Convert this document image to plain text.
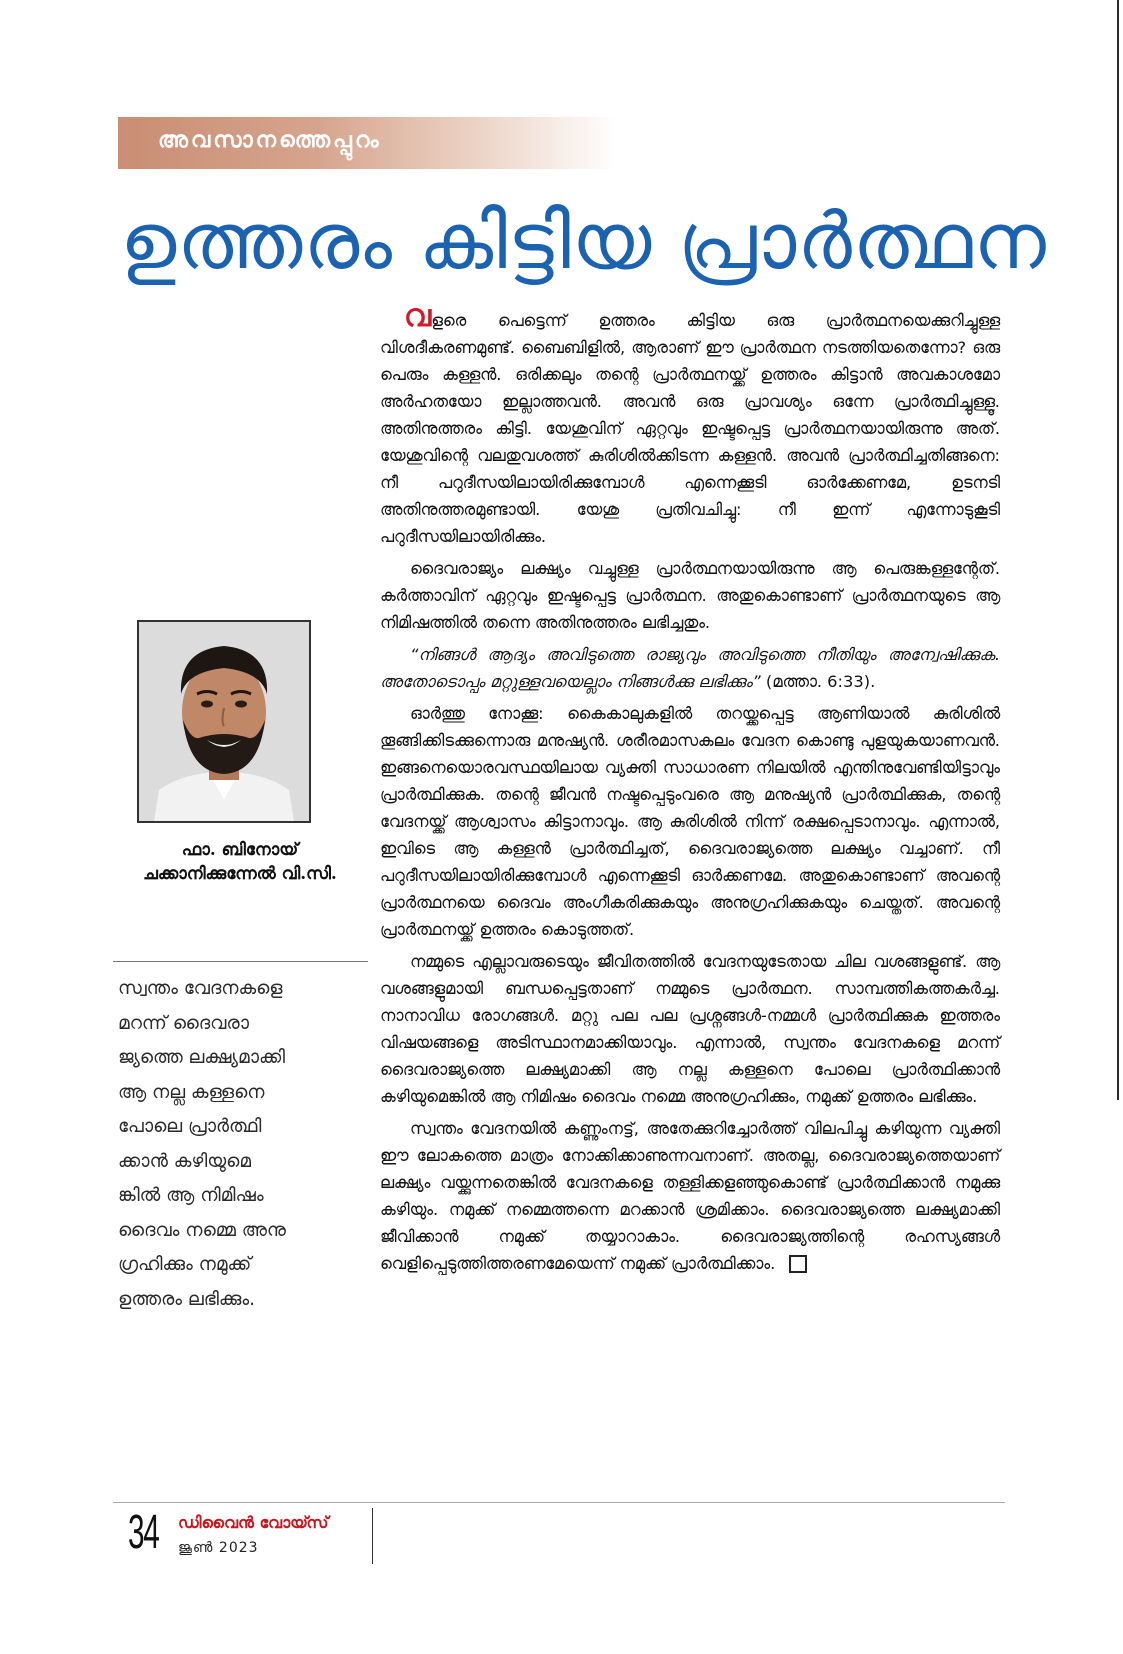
അവസാനത്തെപ്പുറം
ഉത്തരം കിട്ടിയ പ്രാർത്ഥന

ഫാ. ബിനോയ്
ചക്കാനിക്കുന്നേൽ വി.സി.

സ്വന്തം വേദനകളെ
മറന്ന് ദൈവരാ
ജ്യത്തെ ലക്ഷ്യമാക്കി
ആ നല്ല കള്ളനെ
പോലെ പ്രാർത്ഥി
ക്കാൻ കഴിയുമെ
ങ്കിൽ ആ നിമിഷം
ദൈവം നമ്മെ അനു
ഗ്രഹിക്കും നമുക്ക്
ഉത്തരം ലഭിക്കും.

വളരെ പെട്ടെന്ന് ഉത്തരം കിട്ടിയ ഒരു പ്രാർത്ഥനയെക്കുറിച്ചുള്ള വിശദീകരണമുണ്ട്. ബൈബിളിൽ, ആരാണ് ഈ പ്രാർത്ഥന നടത്തിയതെന്നോ? ഒരു പെരും കള്ളൻ. ഒരിക്കലും തന്റെ പ്രാർത്ഥനയ്ക്ക് ഉത്തരം കിട്ടാൻ അവകാശമോ അർഹതയോ ഇല്ലാത്തവൻ. അവൻ ഒരു പ്രാവശ്യം ഒന്നേ പ്രാർത്ഥിച്ചുള്ളൂ. അതിനുത്തരം കിട്ടി. യേശുവിന് ഏറ്റവും ഇഷ്ടപ്പെട്ട പ്രാർത്ഥനയായിരുന്നു അത്. യേശുവിന്റെ വലതുവശത്ത് കുരിശിൽക്കിടന്ന കള്ളൻ. അവൻ പ്രാർത്ഥിച്ചതിങ്ങനെ: നീ പറുദീസയിലായിരിക്കുമ്പോൾ എന്നെക്കൂടി ഓർക്കേണമേ, ഉടനടി അതിനുത്തരമുണ്ടായി. യേശു പ്രതിവചിച്ചു: നീ ഇന്ന് എന്നോടുകൂടി പറുദീസയിലായിരിക്കും.

ദൈവരാജ്യം ലക്ഷ്യം വച്ചുള്ള പ്രാർത്ഥനയായിരുന്നു ആ പെരുങ്കള്ളന്റേത്. കർത്താവിന് ഏറ്റവും ഇഷ്ടപ്പെട്ട പ്രാർത്ഥന. അതുകൊണ്ടാണ് പ്രാർത്ഥനയുടെ ആ നിമിഷത്തിൽ തന്നെ അതിനുത്തരം ലഭിച്ചതും.

“നിങ്ങൾ ആദ്യം അവിടുത്തെ രാജ്യവും അവിടുത്തെ നീതിയും അന്വേഷിക്കുക. അതോടൊപ്പം മറ്റുള്ളവയെല്ലാം നിങ്ങൾക്കു ലഭിക്കും” (മത്താ. 6:33).

ഓർത്തു നോക്കൂ: കൈകാലുകളിൽ തറയ്ക്കപ്പെട്ട ആണിയാൽ കുരിശിൽ തൂങ്ങിക്കിടക്കുന്നൊരു മനുഷ്യൻ. ശരീരമാസകലം വേദന കൊണ്ടു പുളയുകയാണവൻ. ഇങ്ങനെയൊരവസ്ഥയിലായ വ്യക്തി സാധാരണ നിലയിൽ എന്തിനുവേണ്ടിയിട്ടാവും പ്രാർത്ഥിക്കുക. തന്റെ ജീവൻ നഷ്ടപ്പെടുംവരെ ആ മനുഷ്യൻ പ്രാർത്ഥിക്കുക, തന്റെ വേദനയ്ക്ക് ആശ്വാസം കിട്ടാനാവും. ആ കുരിശിൽ നിന്ന് രക്ഷപ്പെടാനാവും. എന്നാൽ, ഇവിടെ ആ കള്ളൻ പ്രാർത്ഥിച്ചത്, ദൈവരാജ്യത്തെ ലക്ഷ്യം വച്ചാണ്. നീ പറുദീസയിലായിരിക്കുമ്പോൾ എന്നെക്കൂടി ഓർക്കണമേ. അതുകൊണ്ടാണ് അവന്റെ പ്രാർത്ഥനയെ ദൈവം അംഗീകരിക്കുകയും അനുഗ്രഹിക്കുകയും ചെയ്തത്. അവന്റെ പ്രാർത്ഥനയ്ക്ക് ഉത്തരം കൊടുത്തത്.

നമ്മുടെ എല്ലാവരുടെയും ജീവിതത്തിൽ വേദനയുടേതായ ചില വശങ്ങളുണ്ട്. ആ വശങ്ങളുമായി ബന്ധപ്പെട്ടതാണ് നമ്മുടെ പ്രാർത്ഥന. സാമ്പത്തികത്തകർച്ച. നാനാവിധ രോഗങ്ങൾ. മറ്റു പല പല പ്രശ്നങ്ങൾ-നമ്മൾ പ്രാർത്ഥിക്കുക ഇത്തരം വിഷയങ്ങളെ അടിസ്ഥാനമാക്കിയാവും. എന്നാൽ, സ്വന്തം വേദനകളെ മറന്ന് ദൈവരാജ്യത്തെ ലക്ഷ്യമാക്കി ആ നല്ല കള്ളനെ പോലെ പ്രാർത്ഥിക്കാൻ കഴിയുമെങ്കിൽ ആ നിമിഷം ദൈവം നമ്മെ അനുഗ്രഹിക്കും, നമുക്ക് ഉത്തരം ലഭിക്കും.

സ്വന്തം വേദനയിൽ കണ്ണുംനട്ട്, അതേക്കുറിച്ചോർത്ത് വിലപിച്ചു കഴിയുന്ന വ്യക്തി ഈ ലോകത്തെ മാത്രം നോക്കിക്കാണുന്നവനാണ്. അതല്ല, ദൈവരാജ്യത്തെയാണ് ലക്ഷ്യം വയ്ക്കുന്നതെങ്കിൽ വേദനകളെ തള്ളിക്കളഞ്ഞുകൊണ്ട് പ്രാർത്ഥിക്കാൻ നമുക്കു കഴിയും. നമുക്ക് നമ്മെത്തന്നെ മറക്കാൻ ശ്രമിക്കാം. ദൈവരാജ്യത്തെ ലക്ഷ്യമാക്കി ജീവിക്കാൻ നമുക്ക് തയ്യാറാകാം. ദൈവരാജ്യത്തിന്റെ രഹസ്യങ്ങൾ വെളിപ്പെടുത്തിത്തരണമേയെന്ന് നമുക്ക് പ്രാർത്ഥിക്കാം.

34 ഡിവൈൻ വോയ്സ്

ജൂൺ 2023
